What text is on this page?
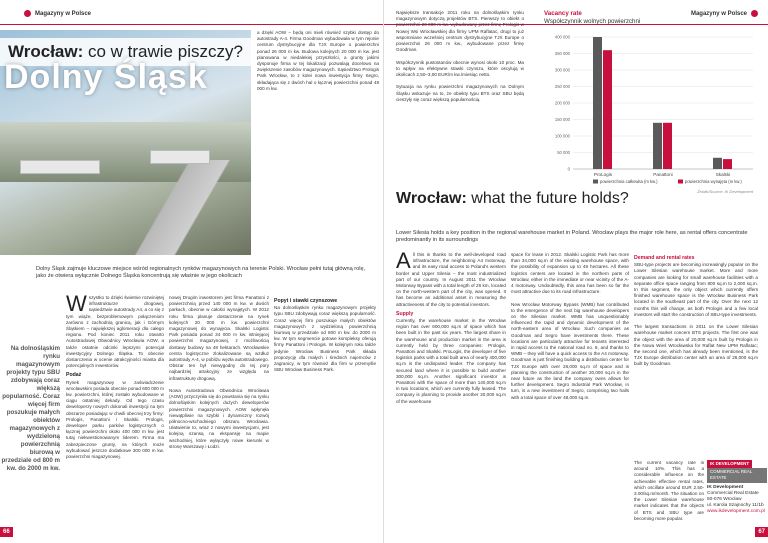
Magazyny w Polsce
Wrocław: co w trawie piszczy?
Dolny Śląsk
a dzięki AOW – będą oni mieli również szybki dostęp do autostrady A-4. Firma Goodman wybudowała w tym rejonie centrum dystrybucyjne dla TJX Europe o powierzchni ponad 26 000 m kw. Budowa kolejnych 20 000 m kw. jest planowana w niedalekiej przyszłości, a grunty jakimi dysponuje firma w tej lokalizacji pozwalają docelowo na zwiększenie zasobów magazynowych. Sąsiedztwo Prologis Park Wrocław, to z kolei nowa inwestycja firmy Segro, składająca się z dwóch hal o łącznej powierzchni ponad 48 000 m kw.
Dolny Śląsk zajmuje kluczowe miejsce wśród regionalnych rynków magazynowych na terenie Polski. Wrocław pełni tutaj główną rolę, jako że otwiera wyłącznie Dolnego Śląska koncentrują się właśnie w jego okolicach
Na dolnośląskim rynku magazynowym projekty typu SBU zdobywają coraz większą popularność. Coraz więcej firm poszukuje małych obiektów magazynowych z wydzieloną powierzchnią biurową w przedziale od 800 m kw. do 2000 m kw.
Wszystko to dzięki świetnie rozwiniętej infrastrukturze drogowej, sąsiedztwie autostrady A4, a co się z tym wiąże, bezproblemowym połączeniom zarówno z zachodnią granicą, jak i Górnym Śląskiem – największej aglomeracji dla całego regionu. Pod koniec 2011 roku otwarto Autostradowej Obwodnicy Wrocławia AOW, a także ostatnie odcinki lepszymi potencjał inwestycyjny Dolnego Śląska. To obecnie dostarczenia w ocenie atrakcyjności miasta dla potencjalnych inwestorów.
Podaż
Rynek magazynowy w zaświadczenie wrocławskim posiada obecnie ponad 600 000 m kw. powierzchni, której zostało wybudowane w ciągu ostatniej dekady. Od tego czasu deweloperzy nowych dokonali inwestycji na tym obszarze posiadając w chwili obecnej trzy firmy: Prologis, Panattoni i Skalski. Prologis, deweloper parku parków logistycznych o łącznej powierzchni około 400 000 m kw. jest tutaj niekwestionowanym liderem. Firma ma zabezpieczone grunty, na których może wybudować jeszcze dodatkowe 300 000 m kw. powierzchni magazynowej.
nowej Drugim inwestorem jest firma Panattoni z powierzchnią przed 140 000 m kw. w dwóch parkach, obecnie w całości wynajętych. W 2012 roku firma planuje dostarczenie na rynek kolejnych 20 000 m kw. powierzchni magazynowej do wynajęcia. Skalski Logistic Park posiada ponad 34 000 m kw. istniejącej powierzchni magazynowej, z możliwością dostawy budowy na 48 hektarach. Wrocławskie centra logistyczne zlokalizowane są wzdłuż autostrady A-4, w pobliżu węzła autostradowego. Obszar ten był niewygodny do tej pory najbardziej atrakcyjny ze względu na infrastrukturę drogową.

Nowa Autostradowa Obwodnica Wrocławia (AOW) przyczyniła się do powstania się na rynku dolnośląskim kolejnych dużych deweloperów powierzchni magazynowych. AOW wpłynęła niewątpliwie na szybki i dynamiczny rozwój północno-wschodniego obszaru Wrocławia. Ułatwienie to, wraz z nowymi inwestycjami, jest kolejną szansą na ekspansję na mapie wschodniej, które wyłączyły nowe kierunki w stronę Warszawy i Łodzi.
Popyt i stawki czynszowe
Na dolnośląskim rynku magazynowym projekty typu SBU zdobywają coraz większą popularność. Coraz więcej firm poszukuje małych obiektów magazynowych z wydzieloną powierzchnią biurową w przedziale od 800 m kw. do 2000 m kw. W tym segmencie gotowe kompleksy oferują firmy Panattoni i Prologis. W kolejnym roku także jedynie Wrocław Business Park składa propozycję dla małych i średnich najemców z zagranicy, w tym również dla firm w przemyśle SBU Wrocław Business Park.
66
Magazyny w Polsce
Największe transakcje 2011 roku na dolnośląskim rynku magazynowym dotyczą projektów BTS. Pierwszy to obiekt o powierzchni 20 000 m kw. wybudowany przez firmę Prologis w Nowej Wsi Wrocławskiej dla firmy UPM Raflatac, drugi to już wspomniane wcześniej centrum dystrybucyjne TJX Europe o powierzchni 26 000 m kw., wybudowane przez firmę Goodman.

Współczynnik pustostanów obecnie wynosi około 10 proc. Ma to wpływ na efektywne stawki czynszu, które oscylują w okolicach 2,50–3,00 EUR/m kw./miesiąc netto.

Sytuacja na rynku powierzchni magazynowych na Dolnym Śląsku wskazuje na to, że obiekty typu BTS oraz SBU będą cieszyły się coraz większą popularnością.
Vacancy rate
Współczynnik wolnych powierzchni
0
50 000
100 000
150 000
200 000
250 000
300 000
350 000
400 000
ProLogis	Panattoni	Skalski
powierzchnia całkowita (m kw.)	powierzchnia wynajęta (m kw.)
Źródło/Source: IK Development
Wrocław: what the future holds?
Lower Silesia holds a key position in the regional warehouse market in Poland. Wrocław plays the major role here, as rental offers concentrate predominantly in its surroundings
All this is thanks to the well-developed road infrastructure, the neighboring A4 motorway, and its easy road access to Poland's western border and Upper Silesia – the most industrialized part of our country. In August 2011 the Wrocław Motorway Bypass with a total length of 26 km, located on the north-western part of the city, was opened. It has become an additional asset in measuring the attractiveness of the city to potential investors.
Supply
Currently, the warehouse market in the Wrocław region has over 600,000 sq.m of space which has been built in the past six years. The largest share in the warehouse and production market in the area is currently held by three companies: Prologis, Panattoni and Skalski. ProLogis, the developer of five logistics parks with a total built area of nearly 400,000 sq.m is the undisputed leader. The company has secured land where it is possible to build another 300,000 sq.m. Another significant investor is Panattoni with the space of more than 140,000 sq.m in two locations, which are currently fully leased. The company is planning to provide another 20,000 sq.m of the warehouse
space for lease in 2012. Skalski Logistic Park has more than 34,000 sq.m of the existing warehouse space, with the possibility of expansion up to 48 hectares. All these logistics centers are located in the northern parts of Wrocław, either in the immediate or near vicinity of the A-4 motorway. Undoubtedly, this area has been so far the most attractive due to its road infrastructure.

New Wrocław Motorway Bypass (WMB) has contributed to the emergence of the next big warehouse developers on the Silesian market. WMB has unquestionably influenced the rapid and dynamic development of the north-eastern area of Wrocław. Such companies as Goodman and Segro have investments there. These locations are particularly attractive for tenants interested in rapid access to the national road no. 8, and thanks to WMB – they will have a quick access to the A4 motorway. Goodman is just finishing building a distribution center for TJX Europe with over 26,000 sq.m of space and is planning the construction of another 20,000 sq.m in the near future as the land the company owns allows for further development. Segro Industrial Park Wrocław, in turn, is a new investment of Segro, comprising two halls with a total space of over 48,000 sq.m.
Demand and rental rates
SBU-type projects are becoming increasingly popular on the Lower Silesian warehouse market. More and more companies are looking for small warehouse facilities with a separate office space ranging from 800 sq.m to 2,000 sq.m. In this segment, the only object which currently offers finished warehouse space is the Wrocław Business Park located in the southeast part of the city. Over the next 12 months this will change, as both Prologis and a few local investors will start the construction of SBU-type investments.

The largest transactions in 2011 on the Lower Silesian warehouse market concern BTS projects. The first one was the object with the area of 20,000 sq.m built by Prologis in the Nowa Wieś Wrocławska for Raflat New UPM Raflatac; the second one, which has already been mentioned, is the TJX Europe distribution center with an area of 26,000 sq.m built by Goodman.
The current vacancy rate is around 10%. This has a considerable influence on the achievable effective rental rates, which oscillate around EUR 2.50-3.00/sq.m/month. The situation on the Lower Silesian warehouse market indicates that the objects of BTS and SBU type are becoming more popular.
IK DEVELOPMENT COMMERCIAL REAL ESTATE
IK Development
Commercial Real Estate
50-076 Wrocław
ul. Karola Szajnochy 11/1b
www.ikdevelopment.com.pl
67
